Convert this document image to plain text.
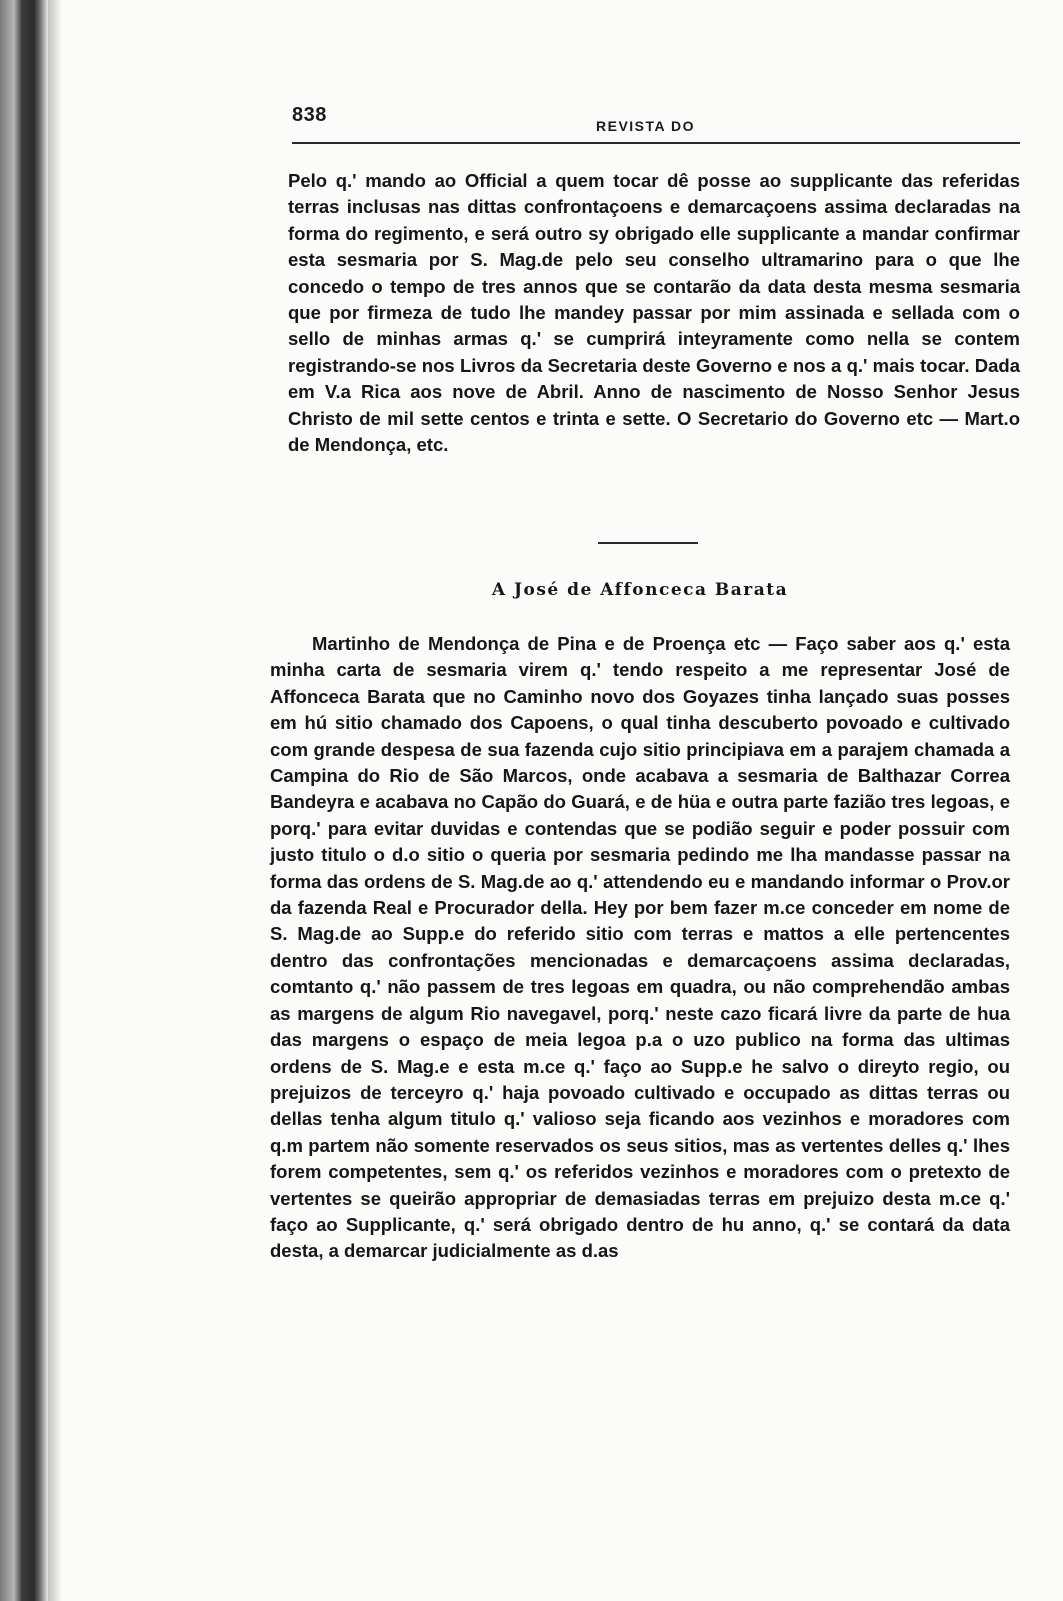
838	REVISTA DO

Pelo q.' mando ao Official a quem tocar dê posse ao supplicante das referidas terras inclusas nas dittas confrontaçoens e demarcaçoens assima declaradas na forma do regimento, e será outro sy obrigado elle supplicante a mandar confirmar esta sesmaria por S. Mag.de pelo seu conselho ultramarino para o que lhe concedo o tempo de tres annos que se contarão da data desta mesma sesmaria que por firmeza de tudo lhe mandey passar por mim assinada e sellada com o sello de minhas armas q.' se cumprirá inteyramente como nella se contem registrando-se nos Livros da Secretaria deste Governo e nos a q.' mais tocar. Dada em V.a Rica aos nove de Abril. Anno de nascimento de Nosso Senhor Jesus Christo de mil sette centos e trinta e sette. O Secretario do Governo etc — Mart.o de Mendonça, etc.

A José de Affonceca Barata

Martinho de Mendonça de Pina e de Proença etc — Faço saber aos q.' esta minha carta de sesmaria virem q.' tendo respeito a me representar José de Affonceca Barata que no Caminho novo dos Goyazes tinha lançado suas posses em hú sitio chamado dos Capoens, o qual tinha descuberto povoado e cultivado com grande despesa de sua fazenda cujo sitio principiava em a parajem chamada a Campina do Rio de São Marcos, onde acabava a sesmaria de Balthazar Correa Bandeyra e acabava no Capão do Guará, e de hüa e outra parte fazião tres legoas, e porq.' para evitar duvidas e contendas que se podião seguir e poder possuir com justo titulo o d.o sitio o queria por sesmaria pedindo me lha mandasse passar na forma das ordens de S. Mag.de ao q.' attendendo eu e mandando informar o Prov.or da fazenda Real e Procurador della. Hey por bem fazer m.ce conceder em nome de S. Mag.de ao Supp.e do referido sitio com terras e mattos a elle pertencentes dentro das confrontações mencionadas e demarcaçoens assima declaradas, comtanto q.' não passem de tres legoas em quadra, ou não comprehendão ambas as margens de algum Rio navegavel, porq.' neste cazo ficará livre da parte de hua das margens o espaço de meia legoa p.a o uzo publico na forma das ultimas ordens de S. Mag.e e esta m.ce q.' faço ao Supp.e he salvo o direyto regio, ou prejuizos de terceyro q.' haja povoado cultivado e occupado as dittas terras ou dellas tenha algum titulo q.' valioso seja ficando aos vezinhos e moradores com q.m partem não somente reservados os seus sitios, mas as vertentes delles q.' lhes forem competentes, sem q.' os referidos vezinhos e moradores com o pretexto de vertentes se queirão appropriar de demasiadas terras em prejuizo desta m.ce q.' faço ao Supplicante, q.' será obrigado dentro de hu anno, q.' se contará da data desta, a demarcar judicialmente as d.as
